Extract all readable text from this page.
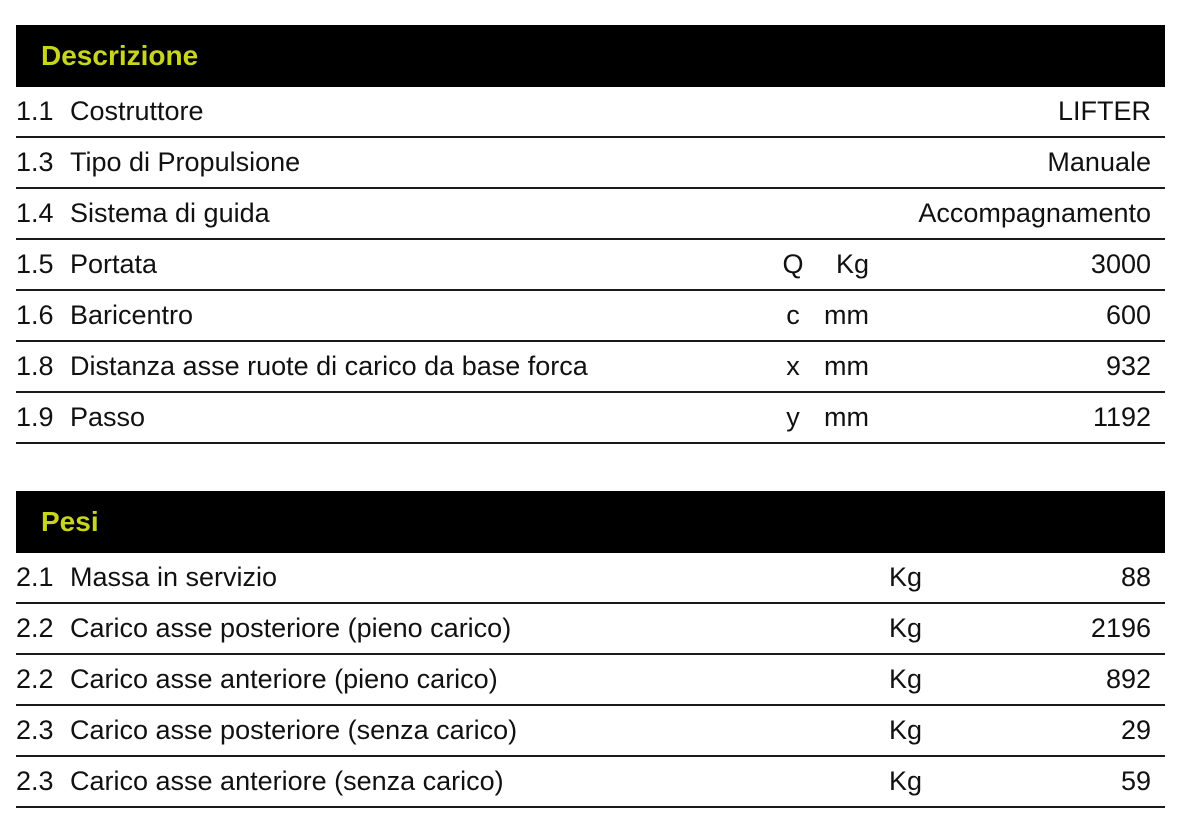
Descrizione
1.1 Costruttore	LIFTER
1.3 Tipo di Propulsione	Manuale
1.4 Sistema di guida	Accompagnamento
1.5 Portata	Q Kg	3000
1.6 Baricentro	c mm	600
1.8 Distanza asse ruote di carico da base forca	x mm	932
1.9 Passo	y mm	1192
Pesi
2.1 Massa in servizio	Kg	88
2.2 Carico asse posteriore (pieno carico)	Kg	2196
2.2 Carico asse anteriore (pieno carico)	Kg	892
2.3 Carico asse posteriore (senza carico)	Kg	29
2.3 Carico asse anteriore (senza carico)	Kg	59
